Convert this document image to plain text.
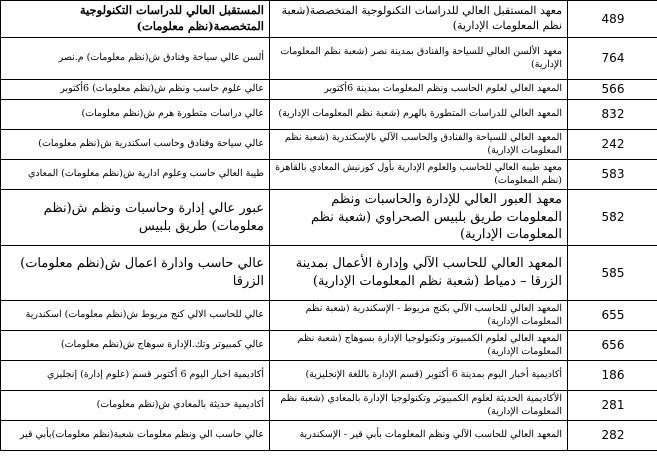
489	معهد المستقبل العالي للدراسات التكنولوجية المتخصصة(شعبة نظم المعلومات الإدارية)	المستقبل العالي للدراسات التكنولوجية المتخصصة(نظم معلومات)
764	معهد الألسن العالي للسياحة والفنادق بمدينة نصر (شعبة نظم المعلومات الإدارية)	ألسن عالي سياحة وفنادق ش(نظم معلومات) م.نصر
566	المعهد العالي لعلوم الحاسب ونظم المعلومات بمدينة 6أكتوبر	عالي علوم حاسب ونظم ش(نظم معلومات) 6أكتوبر
832	المعهد العالي للدراسات المتطورة بالهرم (شعبة نظم المعلومات الإدارية)	عالي دراسات متطورة هرم ش(نظم معلومات)
242	المعهد العالي للسياحة والفنادق والحاسب الآلي بالإسكندرية (شعبة نظم المعلومات الإدارية)	عالي سياحة وفنادق وحاسب اسكندرية ش(نظم معلومات)
583	معهد طيبه العالي للحاسب والعلوم الإدارية بأول كورنيش المعادي بالقاهرة (نظم المعلومات)	طيبة العالي حاسب وعلوم ادارية ش(نظم معلومات) المعادي
582	معهد العبور العالي للإدارة والحاسبات ونظم المعلومات طريق بلبيس الصحراوي (شعبة نظم المعلومات الإدارية)	عبور عالي إدارة وحاسبات ونظم ش(نظم معلومات) طريق بلبيس
585	المعهد العالي للحاسب الآلي وإدارة الأعمال بمدينة الزرقا – دمياط (شعبة نظم المعلومات الإدارية)	عالي حاسب وادارة اعمال ش(نظم معلومات) الزرقا
655	المعهد العالي للحاسب الآلي بكنج مريوط - الإسكندرية (شعبة نظم المعلومات الإدارية)	عالي للحاسب الالي كنج مريوط ش(نظم معلومات) اسكندرية
656	المعهد العالي لعلوم الكمبيوتر وتكنولوجيا الإدارة بسوهاج (شعبة نظم المعلومات الإدارية)	عالي كمبيوتر وتك.الإدارة سوهاج ش(نظم معلومات)
186	أكاديمية أخبار اليوم بمدينة 6 أكتوبر (قسم الإدارة باللغة الإنجليزية)	أكاديمية اخبار اليوم 6 أكتوبر قسم (علوم إدارة) إنجليزي
281	الأكاديمية الحديثة لعلوم الكمبيوتر وتكنولوجيا الإدارة بالمعادي (شعبة نظم المعلومات الإدارية)	أكاديمية حديثة بالمعادي ش(نظم معلومات)
282	المعهد العالي للحاسب الآلي ونظم المعلومات بأبي قير - الإسكندرية	عالي حاسب الي ونظم معلومات شعبة(نظم معلومات)بأبي قير
